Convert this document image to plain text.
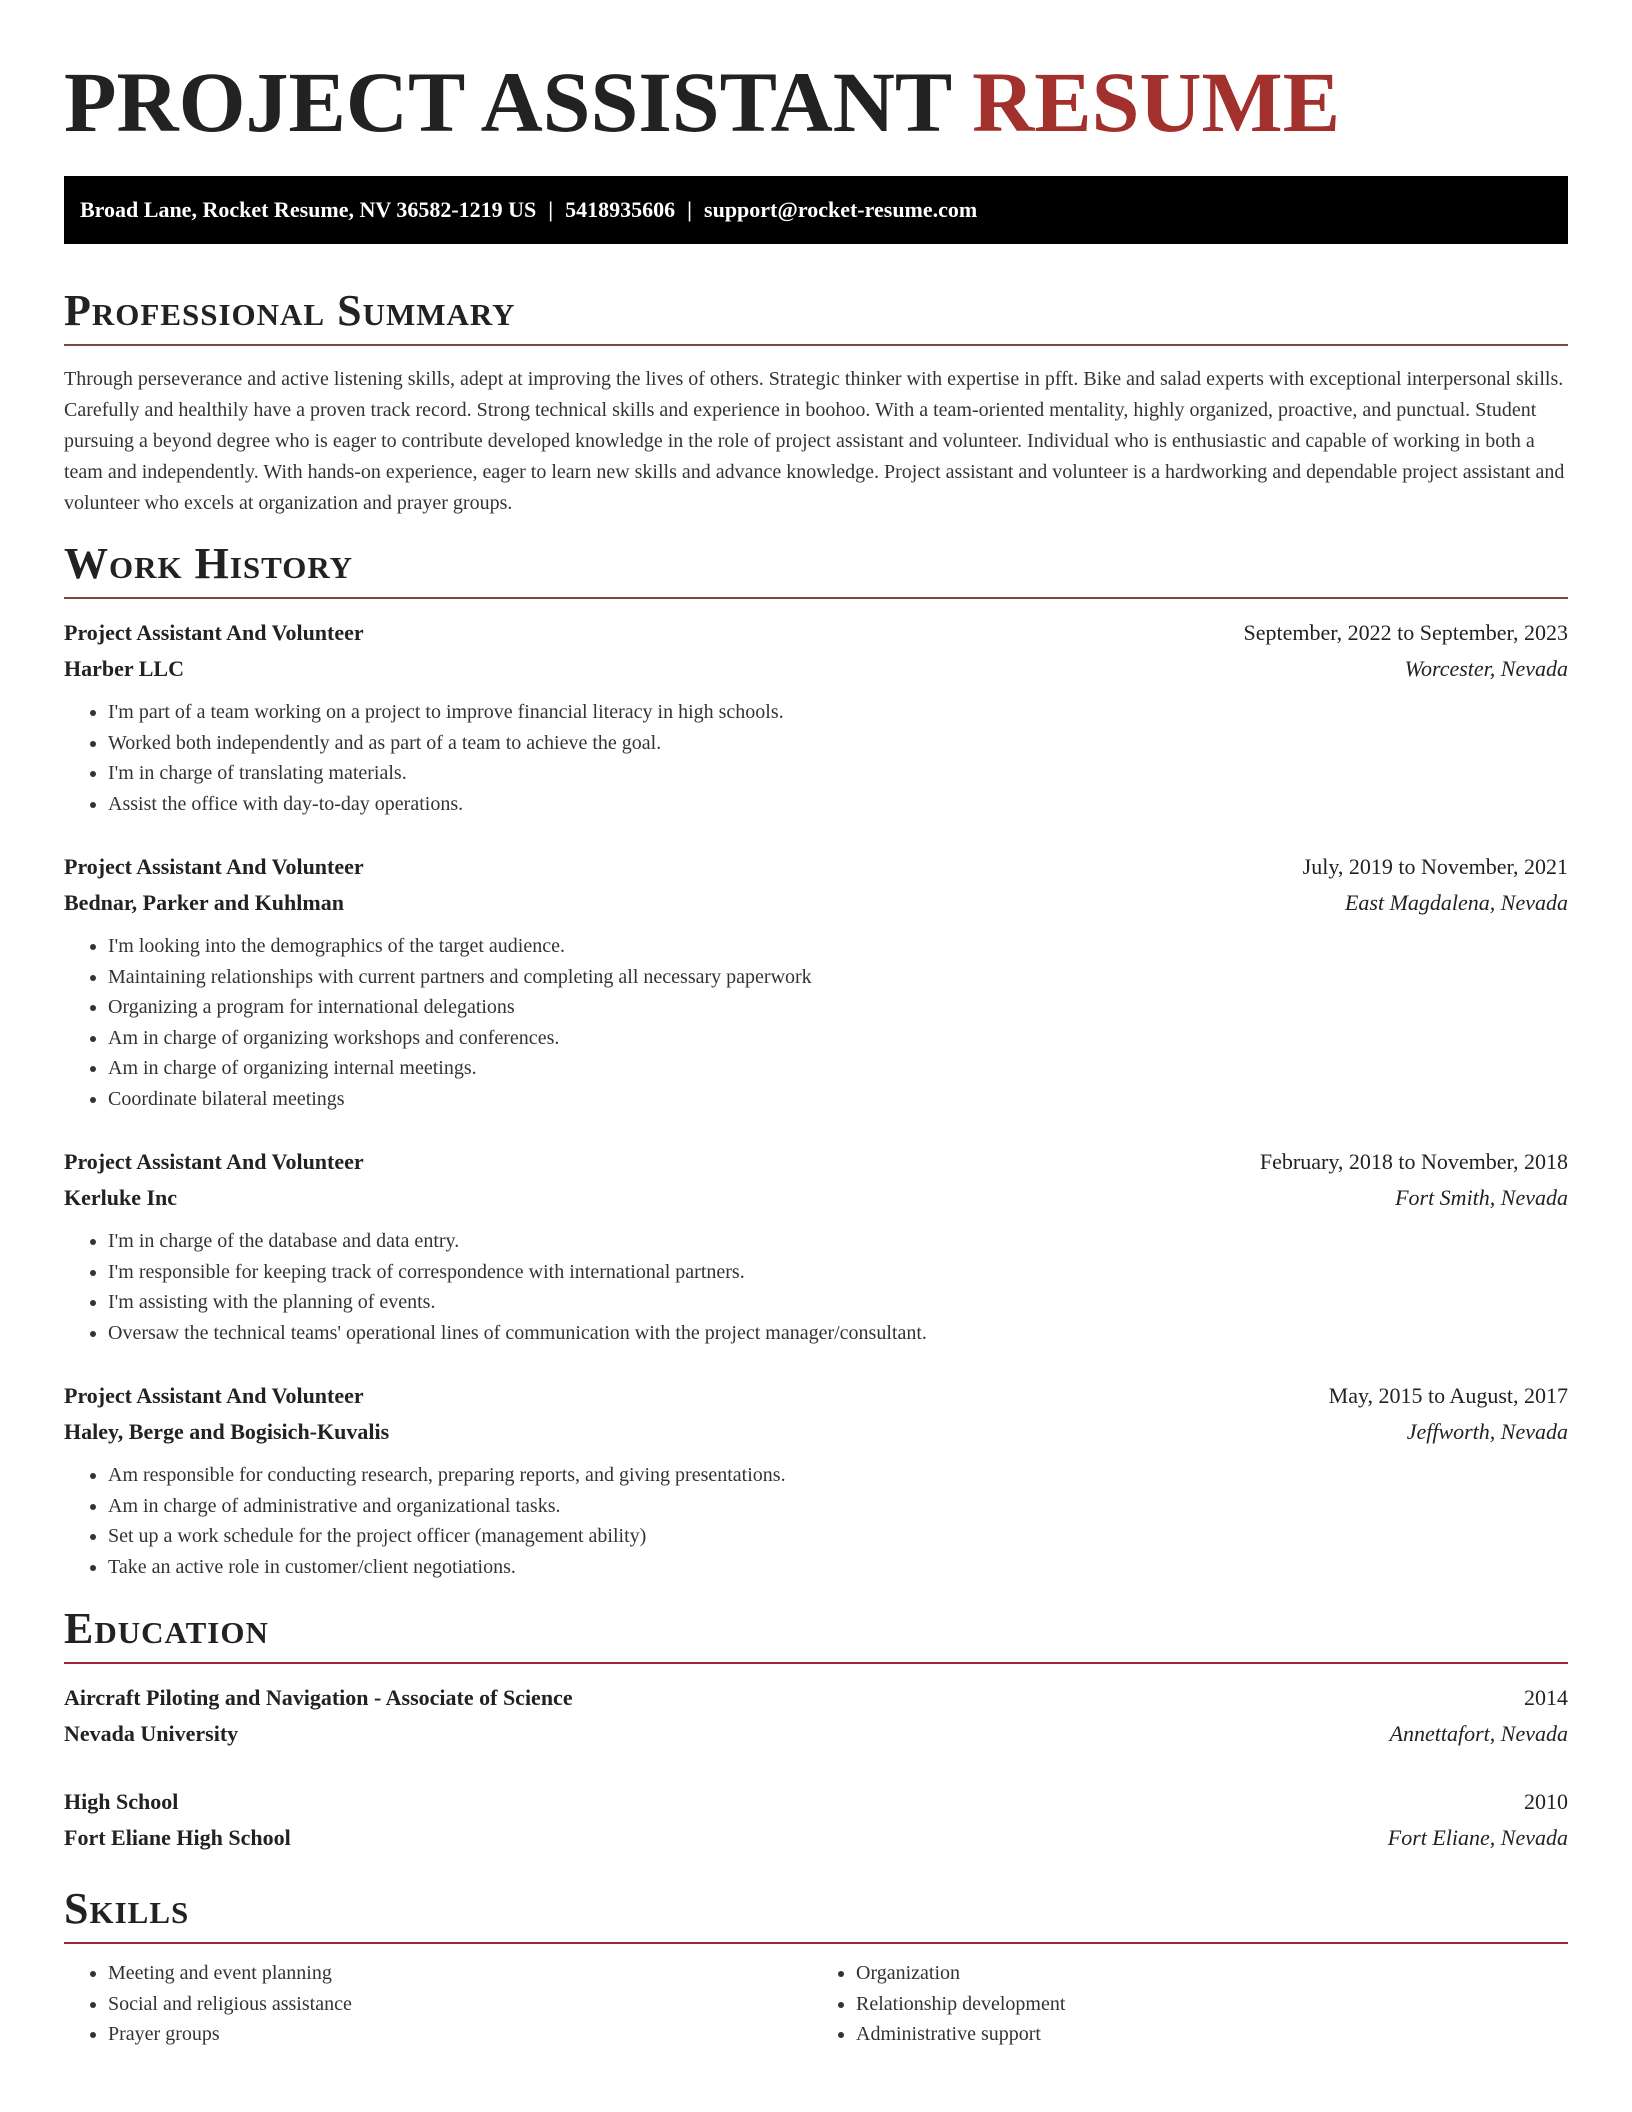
PROJECT ASSISTANT RESUME
Broad Lane, Rocket Resume, NV 36582-1219 US | 5418935606 | support@rocket-resume.com
Professional Summary

Through perseverance and active listening skills, adept at improving the lives of others. Strategic thinker with expertise in pfft. Bike and salad experts with exceptional interpersonal skills. Carefully and healthily have a proven track record. Strong technical skills and experience in boohoo. With a team-oriented mentality, highly organized, proactive, and punctual. Student pursuing a beyond degree who is eager to contribute developed knowledge in the role of project assistant and volunteer. Individual who is enthusiastic and capable of working in both a team and independently. With hands-on experience, eager to learn new skills and advance knowledge. Project assistant and volunteer is a hardworking and dependable project assistant and volunteer who excels at organization and prayer groups.

Work History
Project Assistant And Volunteer	September, 2022 to September, 2023
Harber LLC	Worcester, Nevada
• I'm part of a team working on a project to improve financial literacy in high schools.
• Worked both independently and as part of a team to achieve the goal.
• I'm in charge of translating materials.
• Assist the office with day-to-day operations.
Project Assistant And Volunteer	July, 2019 to November, 2021
Bednar, Parker and Kuhlman	East Magdalena, Nevada
• I'm looking into the demographics of the target audience.
• Maintaining relationships with current partners and completing all necessary paperwork
• Organizing a program for international delegations
• Am in charge of organizing workshops and conferences.
• Am in charge of organizing internal meetings.
• Coordinate bilateral meetings
Project Assistant And Volunteer	February, 2018 to November, 2018
Kerluke Inc	Fort Smith, Nevada
• I'm in charge of the database and data entry.
• I'm responsible for keeping track of correspondence with international partners.
• I'm assisting with the planning of events.
• Oversaw the technical teams' operational lines of communication with the project manager/consultant.
Project Assistant And Volunteer	May, 2015 to August, 2017
Haley, Berge and Bogisich-Kuvalis	Jeffworth, Nevada
• Am responsible for conducting research, preparing reports, and giving presentations.
• Am in charge of administrative and organizational tasks.
• Set up a work schedule for the project officer (management ability)
• Take an active role in customer/client negotiations.
Education
Aircraft Piloting and Navigation - Associate of Science	2014
Nevada University	Annettafort, Nevada
High School	2010
Fort Eliane High School	Fort Eliane, Nevada
Skills
• Meeting and event planning
• Social and religious assistance
• Prayer groups
• Organization
• Relationship development
• Administrative support
